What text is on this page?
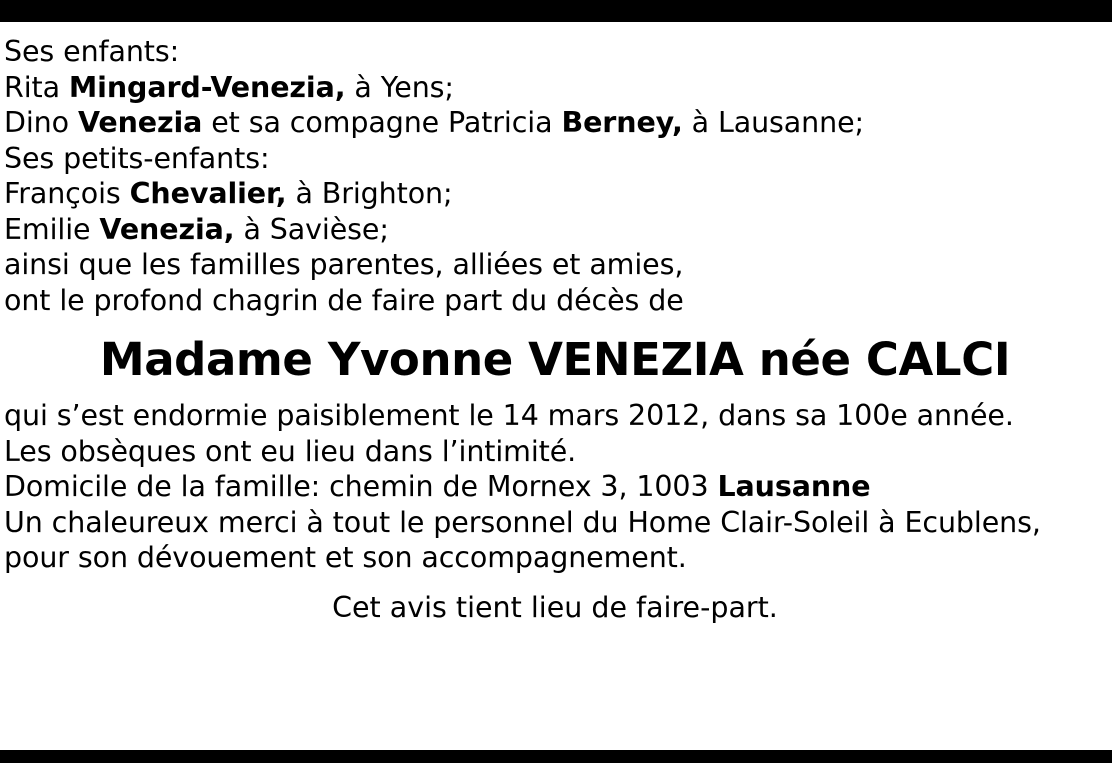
Ses enfants:
Rita Mingard-Venezia, à Yens;
Dino Venezia et sa compagne Patricia Berney, à Lausanne;
Ses petits-enfants:
François Chevalier, à Brighton;
Emilie Venezia, à Savièse;
ainsi que les familles parentes, alliées et amies,
ont le profond chagrin de faire part du décès de
Madame Yvonne VENEZIA née CALCI
qui s’est endormie paisiblement le 14 mars 2012, dans sa 100e année.
Les obsèques ont eu lieu dans l’intimité.
Domicile de la famille: chemin de Mornex 3, 1003 Lausanne
Un chaleureux merci à tout le personnel du Home Clair-Soleil à Ecublens,
pour son dévouement et son accompagnement.
Cet avis tient lieu de faire-part.
